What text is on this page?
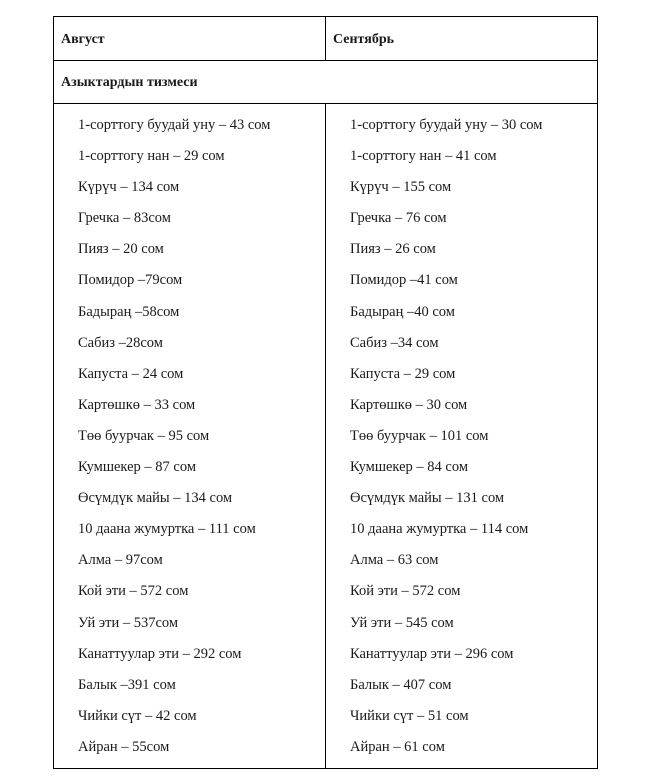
Август	Сентябрь
Азыктардын тизмеси
1-сорттогу буудай уну – 43 сом
1-сорттогу нан – 29 сом
Күрүч – 134 сом
Гречка – 83сом
Пияз – 20 сом
Помидор –79сом
Бадыраң –58сом
Сабиз –28сом
Капуста – 24 сом
Картөшкө – 33 сом
Төө буурчак – 95 сом
Кумшекер – 87 сом
Өсүмдүк майы – 134 сом
10 даана жумуртка – 111 сом
Алма – 97сом
Кой эти – 572 сом
Уй эти – 537сом
Канаттуулар эти – 292 сом
Балык –391 сом
Чийки сүт – 42 сом
Айран – 55сом
1-сорттогу буудай уну – 30 сом
1-сорттогу нан – 41 сом
Күрүч – 155 сом
Гречка – 76 сом
Пияз – 26 сом
Помидор –41 сом
Бадыраң –40 сом
Сабиз –34 сом
Капуста – 29 сом
Картөшкө – 30 сом
Төө буурчак – 101 сом
Кумшекер – 84 сом
Өсүмдүк майы – 131 сом
10 даана жумуртка – 114 сом
Алма – 63 сом
Кой эти – 572 сом
Уй эти – 545 сом
Канаттуулар эти – 296 сом
Балык – 407 сом
Чийки сүт – 51 сом
Айран – 61 сом
